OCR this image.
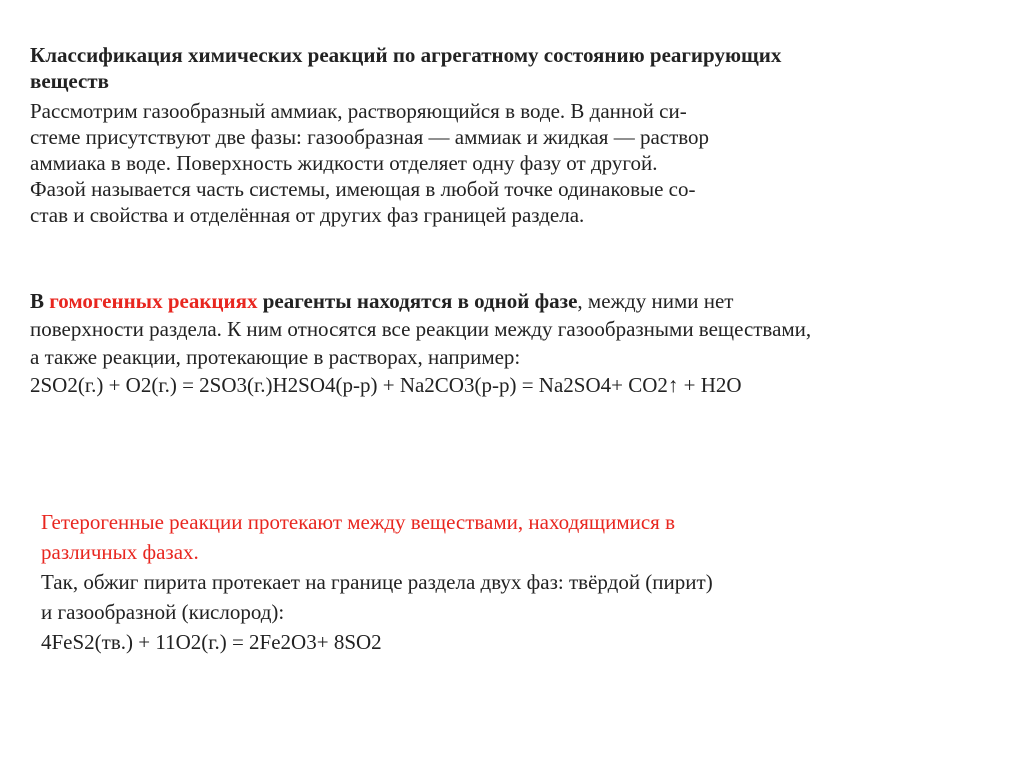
Классификация химических реакций по агрегатному состоянию реагирующих
веществ
Рассмотрим газообразный аммиак, растворяющийся в воде. В данной си-
стеме присутствуют две фазы: газообразная — аммиак и жидкая — раствор
аммиака в воде. Поверхность жидкости отделяет одну фазу от другой.
Фазой называется часть системы, имеющая в любой точке одинаковые со-
став и свойства и отделённая от других фаз границей раздела.
В гомогенных реакциях реагенты находятся в одной фазе, между ними нет
поверхности раздела. К ним относятся все реакции между газообразными веществами,
а также реакции, протекающие в растворах, например:
2SO2(г.) + O2(г.) = 2SO3(г.)H2SO4(р-р) + Na2CO3(р-р) = Na2SO4+ CO2↑ + H2O
Гетерогенные реакции протекают между веществами, находящимися в
различных фазах.
Так, обжиг пирита протекает на границе раздела двух фаз: твёрдой (пирит)
и газообразной (кислород):
4FeS2(тв.) + 11O2(г.) = 2Fe2O3+ 8SO2
